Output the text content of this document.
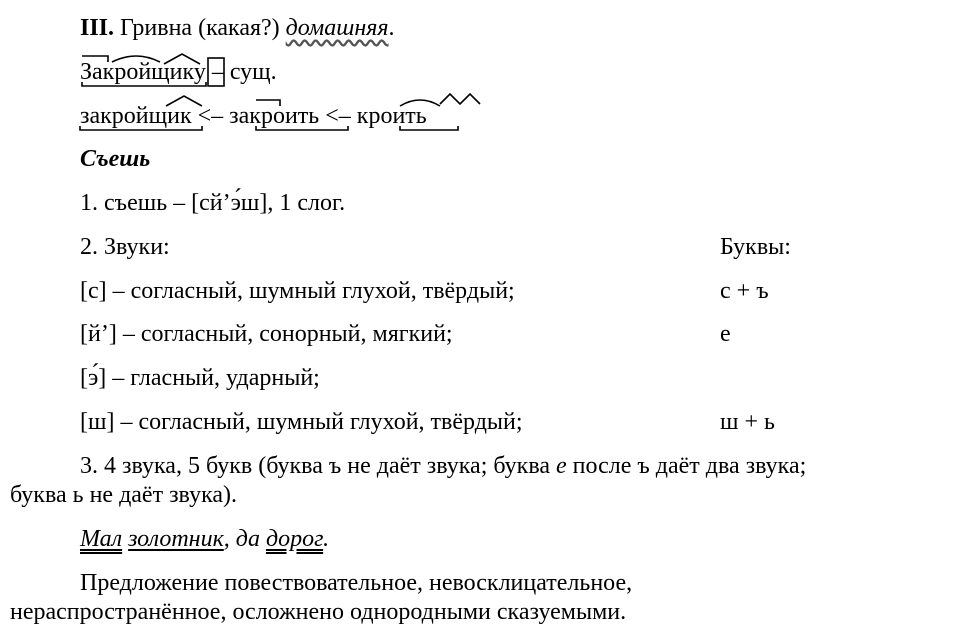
III. Гривна (какая?) домашняя.
Закройщику – сущ.
закройщик <– закроить <– кроить
Съешь
1. съешь – [сй’э́ш], 1 слог.
2. Звуки:	Буквы:
[с] – согласный, шумный глухой, твёрдый;	с + ъ
[й’] – согласный, сонорный, мягкий;	е
[э́] – гласный, ударный;
[ш] – согласный, шумный глухой, твёрдый;	ш + ь
3. 4 звука, 5 букв (буква ъ не даёт звука; буква е после ъ даёт два звука;
буква ь не даёт звука).
Мал золотник, да дорог.
Предложение повествовательное, невосклицательное,
нераспространённое, осложнено однородными сказуемыми.
